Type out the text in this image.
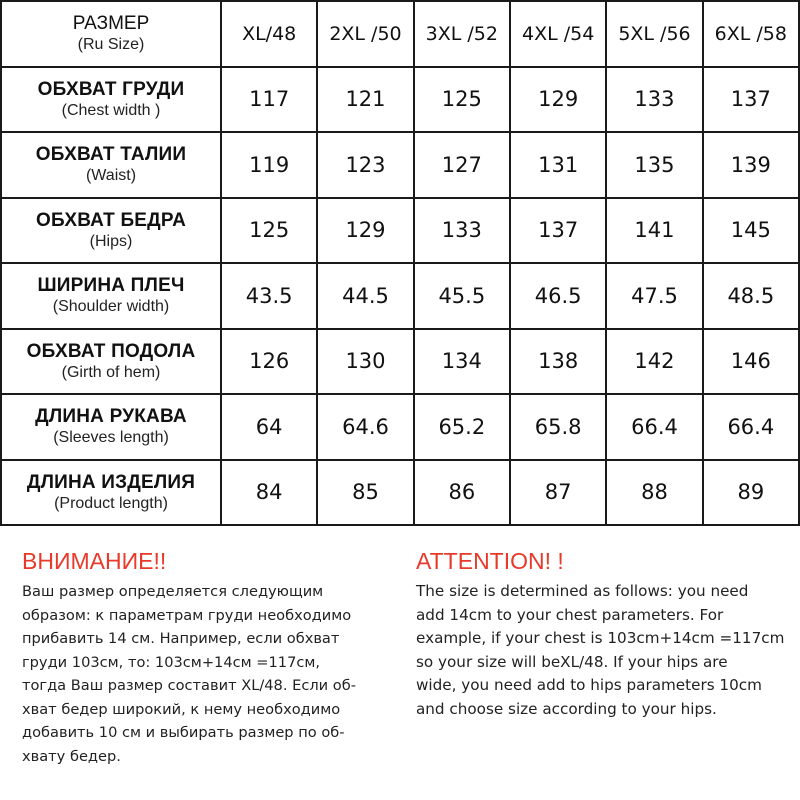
РАЗМЕР
(Ru Size)	XL/48	2XL /50	3XL /52	4XL /54	5XL /56	6XL /58

ОБХВАТ ГРУДИ
(Chest width )	117	121	125	129	133	137

ОБХВАТ ТАЛИИ
(Waist)	119	123	127	131	135	139

ОБХВАТ БЕДРА
(Hips)	125	129	133	137	141	145

ШИРИНА ПЛЕЧ
(Shoulder width)	43.5	44.5	45.5	46.5	47.5	48.5

ОБХВАТ ПОДОЛА
(Girth of hem)	126	130	134	138	142	146

ДЛИНА РУКАВА
(Sleeves length)	64	64.6	65.2	65.8	66.4	66.4

ДЛИНА ИЗДЕЛИЯ
(Product length)	84	85	86	87	88	89
ВНИМАНИЕ!!
Ваш размер определяется следующим
образом: к параметрам груди необходимо
прибавить 14 см. Например, если обхват
груди 103см, то: 103см+14см =117см,
тогда Ваш размер составит XL/48. Если об-
хват бедер широкий, к нему необходимо
добавить 10 см и выбирать размер по об-
хвату бедер.
ATTENTION! !
The size is determined as follows: you need
add 14cm to your chest parameters. For
example, if your chest is 103cm+14cm =117cm
so your size will beXL/48. If your hips are
wide, you need add to hips parameters 10cm
and choose size according to your hips.
